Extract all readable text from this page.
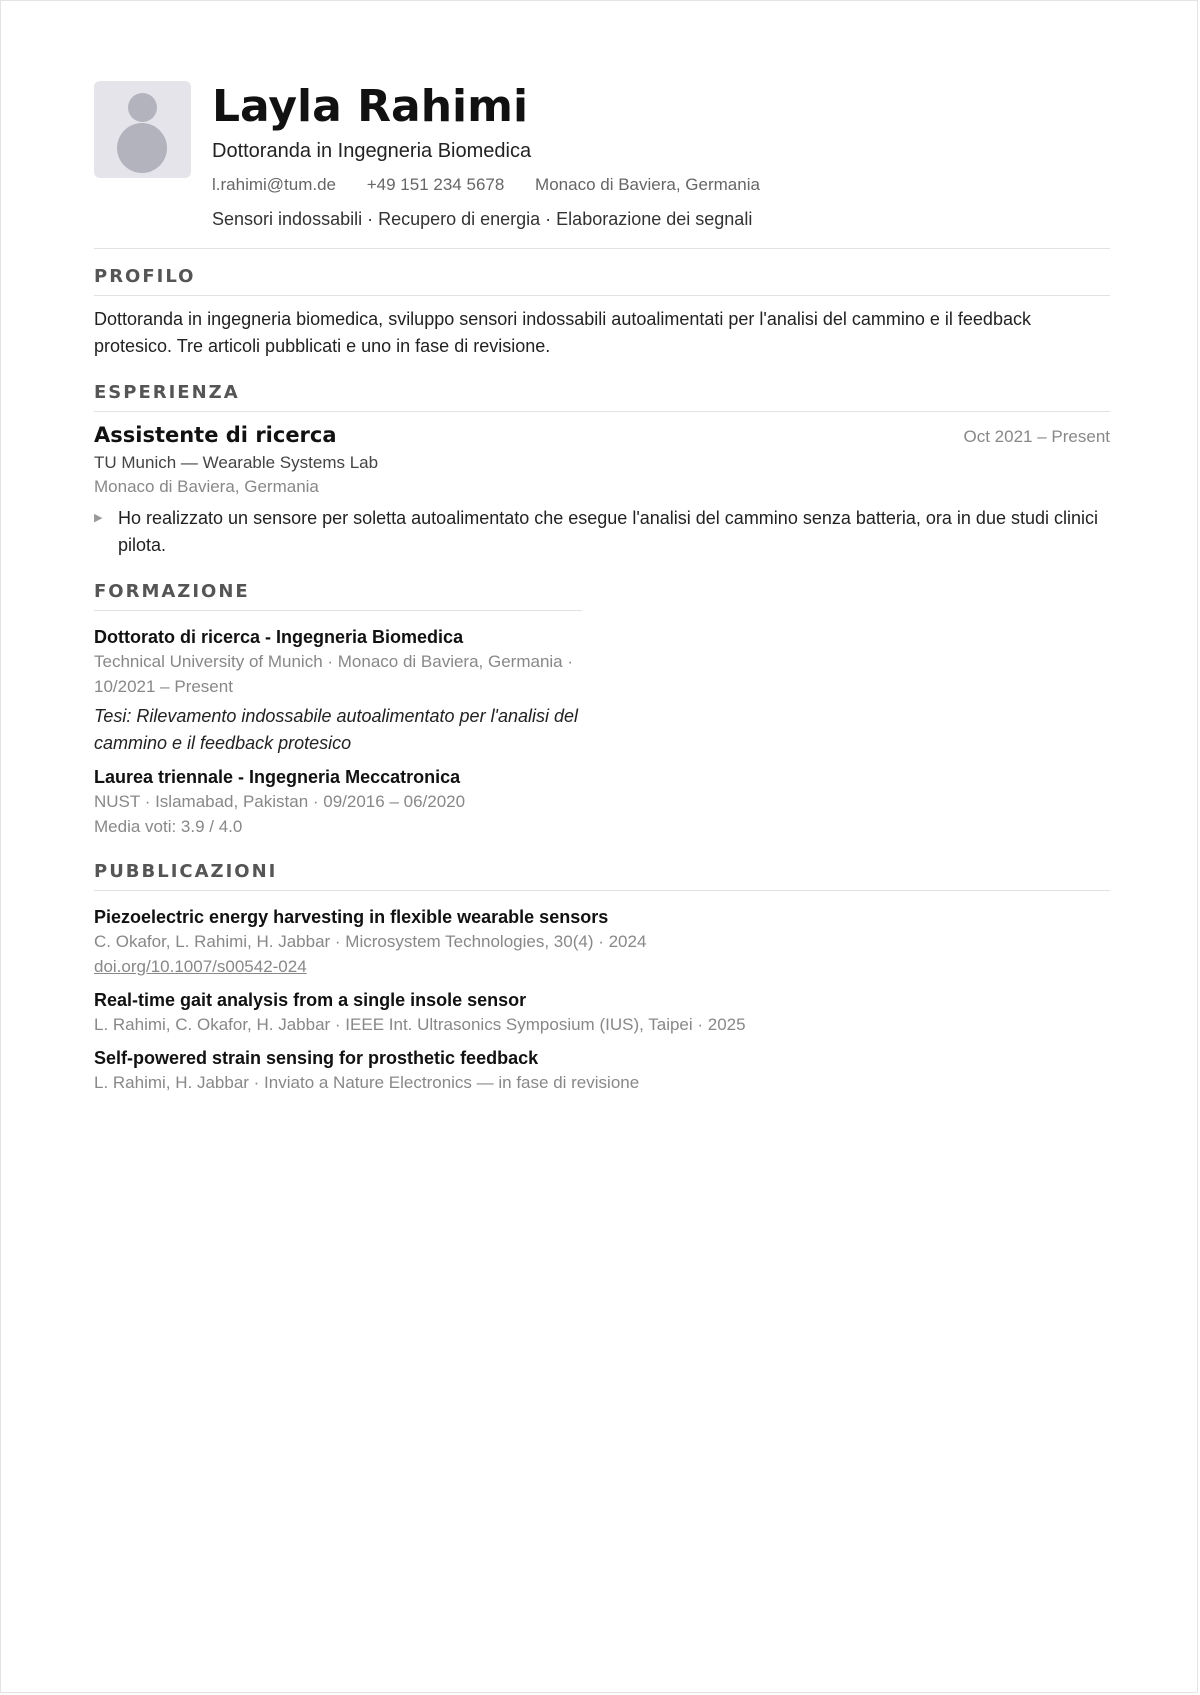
Layla Rahimi
Dottoranda in Ingegneria Biomedica
l.rahimi@tum.de +49 151 234 5678 Monaco di Baviera, Germania
Sensori indossabili · Recupero di energia · Elaborazione dei segnali
PROFILO
Dottoranda in ingegneria biomedica, sviluppo sensori indossabili autoalimentati per l'analisi del cammino e il feedback protesico. Tre articoli pubblicati e uno in fase di revisione.
ESPERIENZA
Assistente di ricerca	Oct 2021 – Present
TU Munich — Wearable Systems Lab
Monaco di Baviera, Germania
▶ Ho realizzato un sensore per soletta autoalimentato che esegue l'analisi del cammino senza batteria, ora in due studi clinici pilota.
FORMAZIONE
Dottorato di ricerca - Ingegneria Biomedica
Technical University of Munich · Monaco di Baviera, Germania · 10/2021 – Present
Tesi: Rilevamento indossabile autoalimentato per l'analisi del cammino e il feedback protesico
Laurea triennale - Ingegneria Meccatronica
NUST · Islamabad, Pakistan · 09/2016 – 06/2020
Media voti: 3.9 / 4.0
PUBBLICAZIONI
Piezoelectric energy harvesting in flexible wearable sensors
C. Okafor, L. Rahimi, H. Jabbar · Microsystem Technologies, 30(4) · 2024
doi.org/10.1007/s00542-024
Real-time gait analysis from a single insole sensor
L. Rahimi, C. Okafor, H. Jabbar · IEEE Int. Ultrasonics Symposium (IUS), Taipei · 2025
Self-powered strain sensing for prosthetic feedback
L. Rahimi, H. Jabbar · Inviato a Nature Electronics — in fase di revisione
